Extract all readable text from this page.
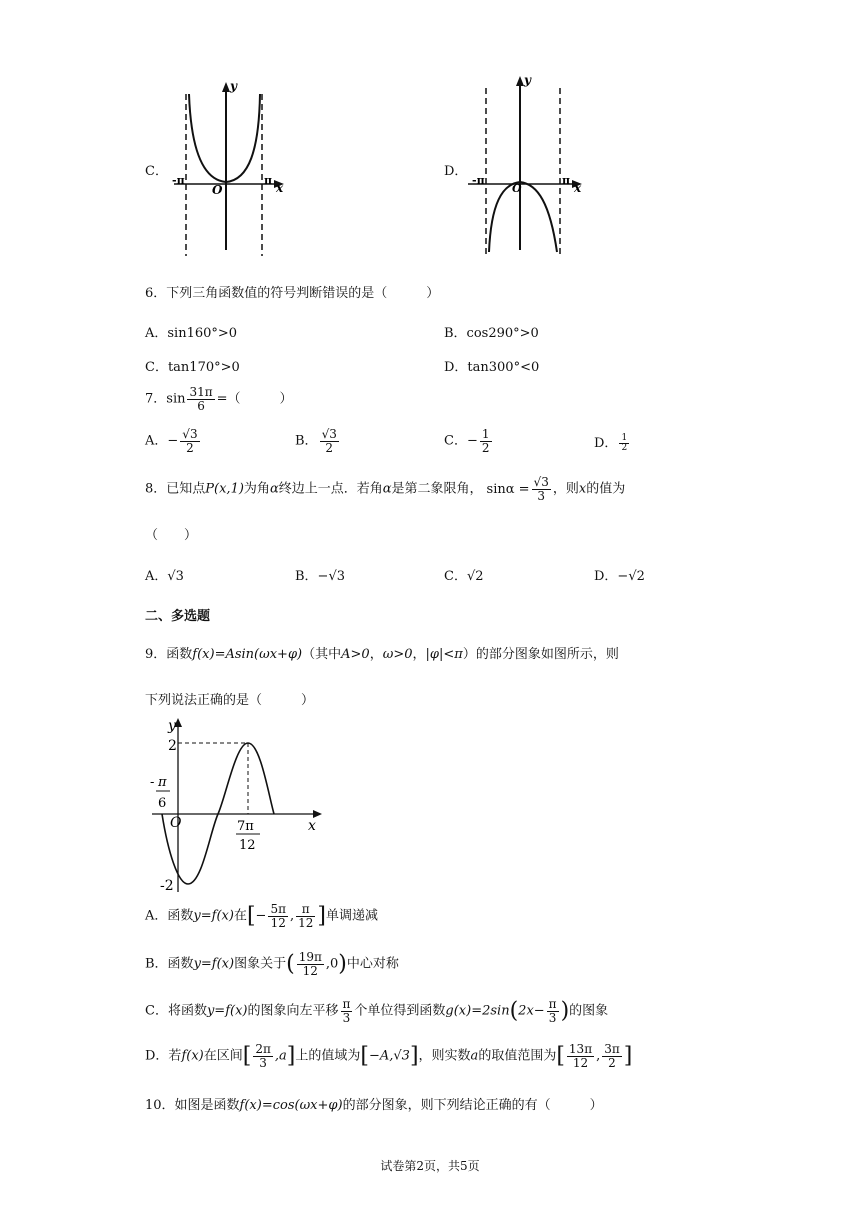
C．
y
x
-π	π
O
D．
y
x
-π	π
O
6．下列三角函数值的符号判断错误的是（　　　）
A．sin160°>0	B．cos290°>0
C．tan170°>0	D．tan300°<0
7．$\sin \frac{31\pi}{6}$ =（　　　）
A．− $\frac{√3}{2}$	B． $\frac{√3}{2}$	C．− $\frac{1}{2}$	D． $\frac{1}{2}$
8．已知点P(x,1)为角α终边上一点．若角α是第二象限角， $\sin\alpha = \frac{√3}{3}$ ，则x的值为
（　　）
A．√3	B．−√3	C．√2	D．−√2
二、多选题
9．函数f(x)=Asin(ωx+φ)（其中A>0，ω>0，|φ|<π）的部分图象如图所示，则
下列说法正确的是（　　　）
y
x
2
-2
O
- π
6
7π
12
A．函数y=f(x)在[− $\frac{5\pi}{12}$ , $\frac{\pi}{12}$ ]单调递减
B．函数y=f(x)图象关于( $\frac{19\pi}{12} ,0$)中心对称
C．将函数y=f(x)的图象向左平移 $\frac{\pi}{3}$ 个单位得到函数$g(x)=2\sin(2x- \frac{\pi}{3}$ )的图象
D．若f(x)在区间[ $\frac{2\pi}{3} ,a$]上的值域为[−A,√3]，则实数a的取值范围为[ $\frac{13\pi}{12}$ , $\frac{3\pi}{2}$ ]
10．如图是函数f(x)=cos(ωx+φ)的部分图象，则下列结论正确的有（　　　）
试卷第2页，共5页
